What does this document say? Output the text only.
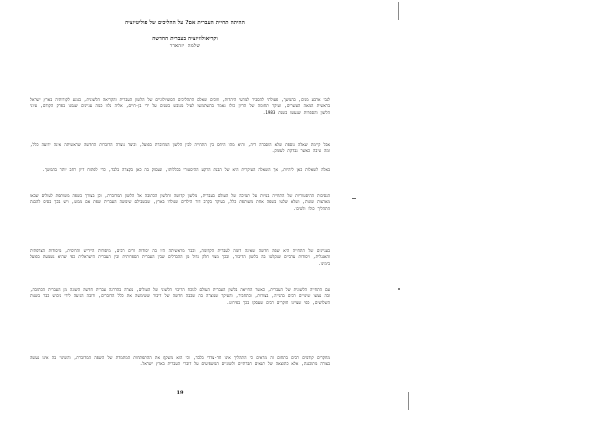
ההיתה תחיית העברית אם? על ההליכים של פוליטיזציה
וקריאולוזיזציה בעברית החדשה
שלמה יזהאדר
לגבי ארבע מנים, בהמשך, פעולתי להסביר למדעי היהדות, וזוכים שאלם התהליכים הסוציולוגיים של הלשון העברית והקריאה הלשונית, בנוגע לקורותיה בארץ ישראל בראשית המאה העשרים, ועיקר תחומה של הדיון כולו נאמר בהשתמשו לעיל מגובש בשנים על ידי בן-חיים, אליה נלוו כמה עניינים שנמנו בפרק הקודם, עיוני הלשון והספרות שנעשו בשנת 1983.
אבל קיימת שאלה נוספת שלא הוסברה דיה, והיא מהו היחס בין התחייה לבין הלשון המדוברת בפועל, וכיצד נוצרה הדוברות החדשה שראשיתה אינה ידועה כלל, ומה טיבה כאשר נבדקת לעומק.
באלה לשאלות כאן ליהיות, אך השאלה העיקרית היא של הבנת הרקע ההיסטורי בכללותו, ונעסוק בה כאן בקצרה בלבד, כדי לפתוח דיון רחב יותר בהמשך.
הנסיבות ההיסטוריות של התחייה בנויות על תמיכה של העולם בעברית, מלשון קדושה והלשון הכתובה אל הלשון המדוברת, וכן בצורך בשפה משותפת לעולים שבאו מארצות שונות, ושלא שלטו בשפה אחת משותפת כלל, בעיקר בקרב דור הילדים שנולדו בארץ, שבשבילם שימשה העברית שפת אם ממש, ויש בכך בסיס להבנת התהליך כולו ולטיבו.
בעניינים של התחייה היא שפה חדשה שאינה דומה לעברית הקדומה, וכבר מראשיתה היו בה יסודות זרים רבים, מיסודות היידיש והרוסית, מיסודות הצרפתית והאנגלית, ויסודות ערביים שנקלטו בה בלשון הדיבור, ובכך מצוי חלק גדול מן ההבדלים שבין העברית הספרותית ובין העברית הישראלית כפי שהיא נשמעת בפועל בימינו.
עם התחייה הלשונית של העברית, כאשר החייאה בלשון העברית העולם לנוכח הריבוי הלשוני של העולים, נוצרה בהדרגה עברית חדשה השונה מן העברית הכתובה, ובה נעשו שינויים רבים בהגייה, בצורות, ובתחביר, והעיקר שנוצרה בה שכבה חדשה של דיבור ששימשה את כלל הדוברים, ורובה הגיעה לידי גיבוש כבר בשנות השלושים, כפי שציינו חוקרים רבים שעסקו בכך בפירוט.
מחקרים קודמים רבים בתחום זה מראים כי התהליך אינו חד-צדדי בלבד, וכי הוא משקף את ההתפתחות המתמדת של השפה המדוברת, והשינוי בה אינו נעשה בצורה מתוכננת, אלא כתוצאה של תנאים חברתיים ולשוניים המשפיעים על דוברי העברית בארץ ישראל.
19
